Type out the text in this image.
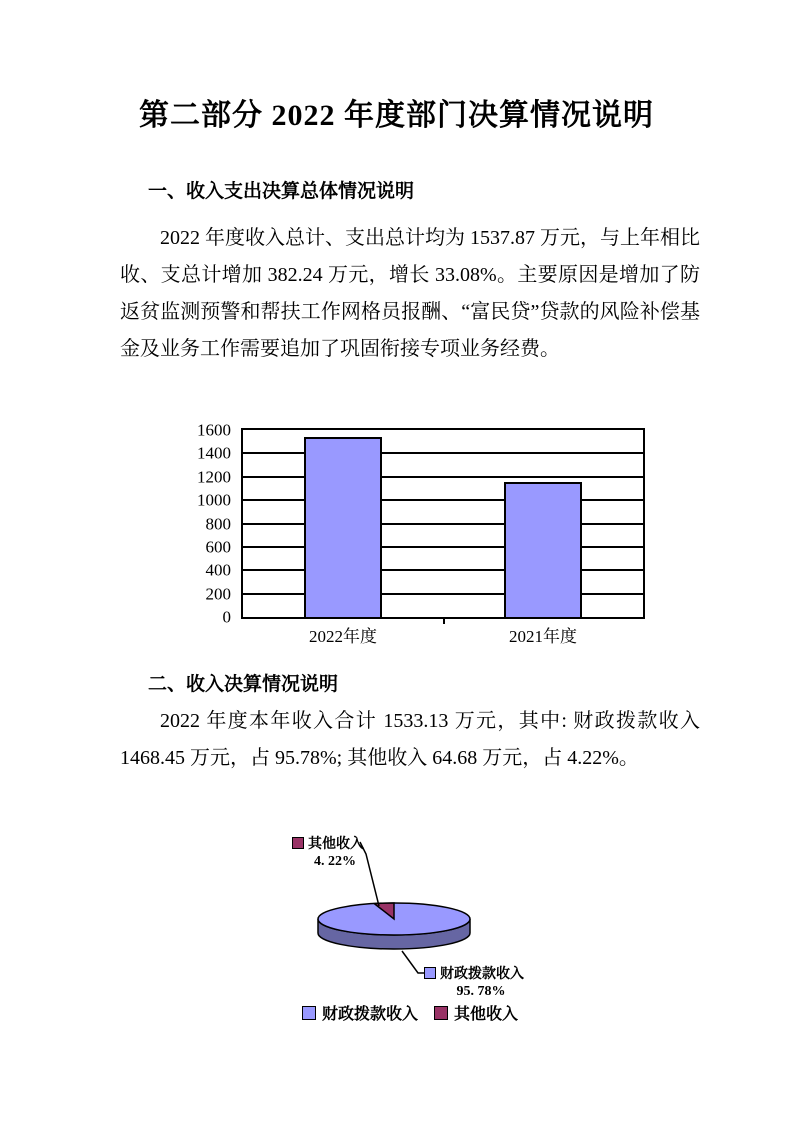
第二部分 2022 年度部门决算情况说明
一、收入支出决算总体情况说明
2022 年度收入总计、支出总计均为 1537.87 万元，与上年相比收、支总计增加 382.24 万元，增长 33.08%。主要原因是增加了防返贫监测预警和帮扶工作网格员报酬、“富民贷”贷款的风险补偿基金及业务工作需要追加了巩固衔接专项业务经费。
0
200
400
600
800
1000
1200
1400
1600
2022年度	2021年度
二、收入决算情况说明
2022 年度本年收入合计 1533.13 万元，其中: 财政拨款收入 1468.45 万元，占 95.78%; 其他收入 64.68 万元，占 4.22%。
其他收入
4. 22%
财政拨款收入
95. 78%
财政拨款收入 其他收入
